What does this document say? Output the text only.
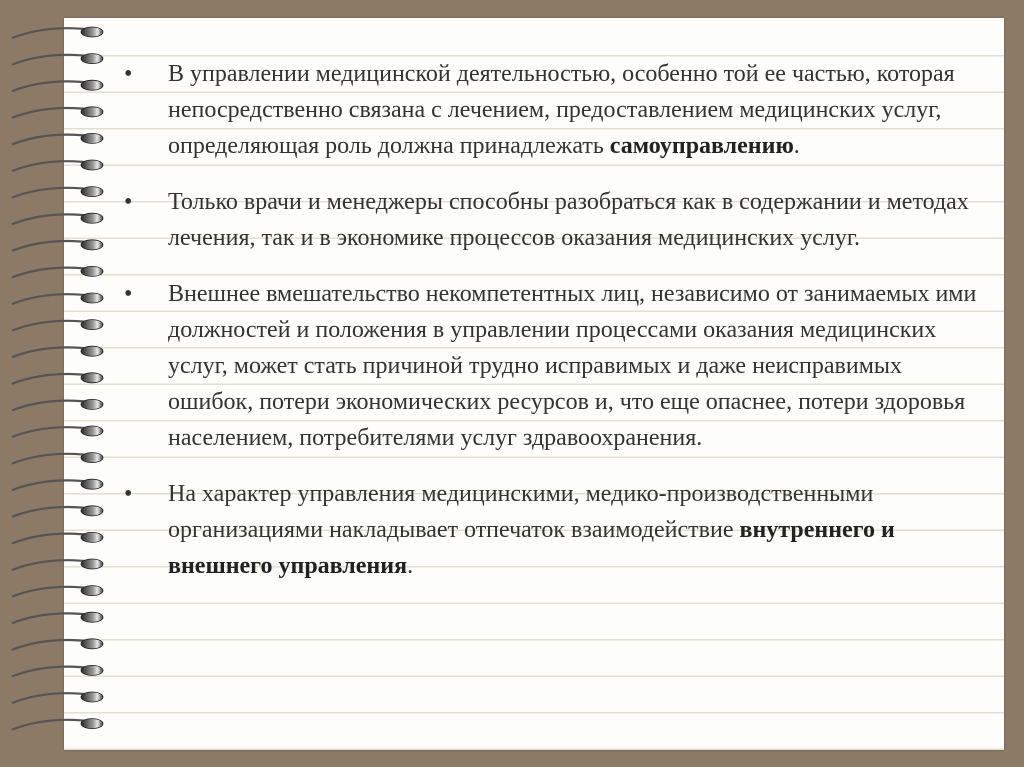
• В управлении медицинской деятельностью, особенно той ее частью, которая непосредственно связана с лечением, предоставлением медицинских услуг, определяющая роль должна принадлежать самоуправлению.
• Только врачи и менеджеры способны разобраться как в содержании и методах лечения, так и в экономике процессов оказания медицинских услуг.
• Внешнее вмешательство некомпетентных лиц, независимо от занимаемых ими должностей и положения в управлении процессами оказания медицинских услуг, может стать причиной трудно исправимых и даже неисправимых ошибок, потери экономических ресурсов и, что еще опаснее, потери здоровья населением, потребителями услуг здравоохранения.
• На характер управления медицинскими, медико-производственными организациями накладывает отпечаток взаимодействие внутреннего и внешнего управления.
